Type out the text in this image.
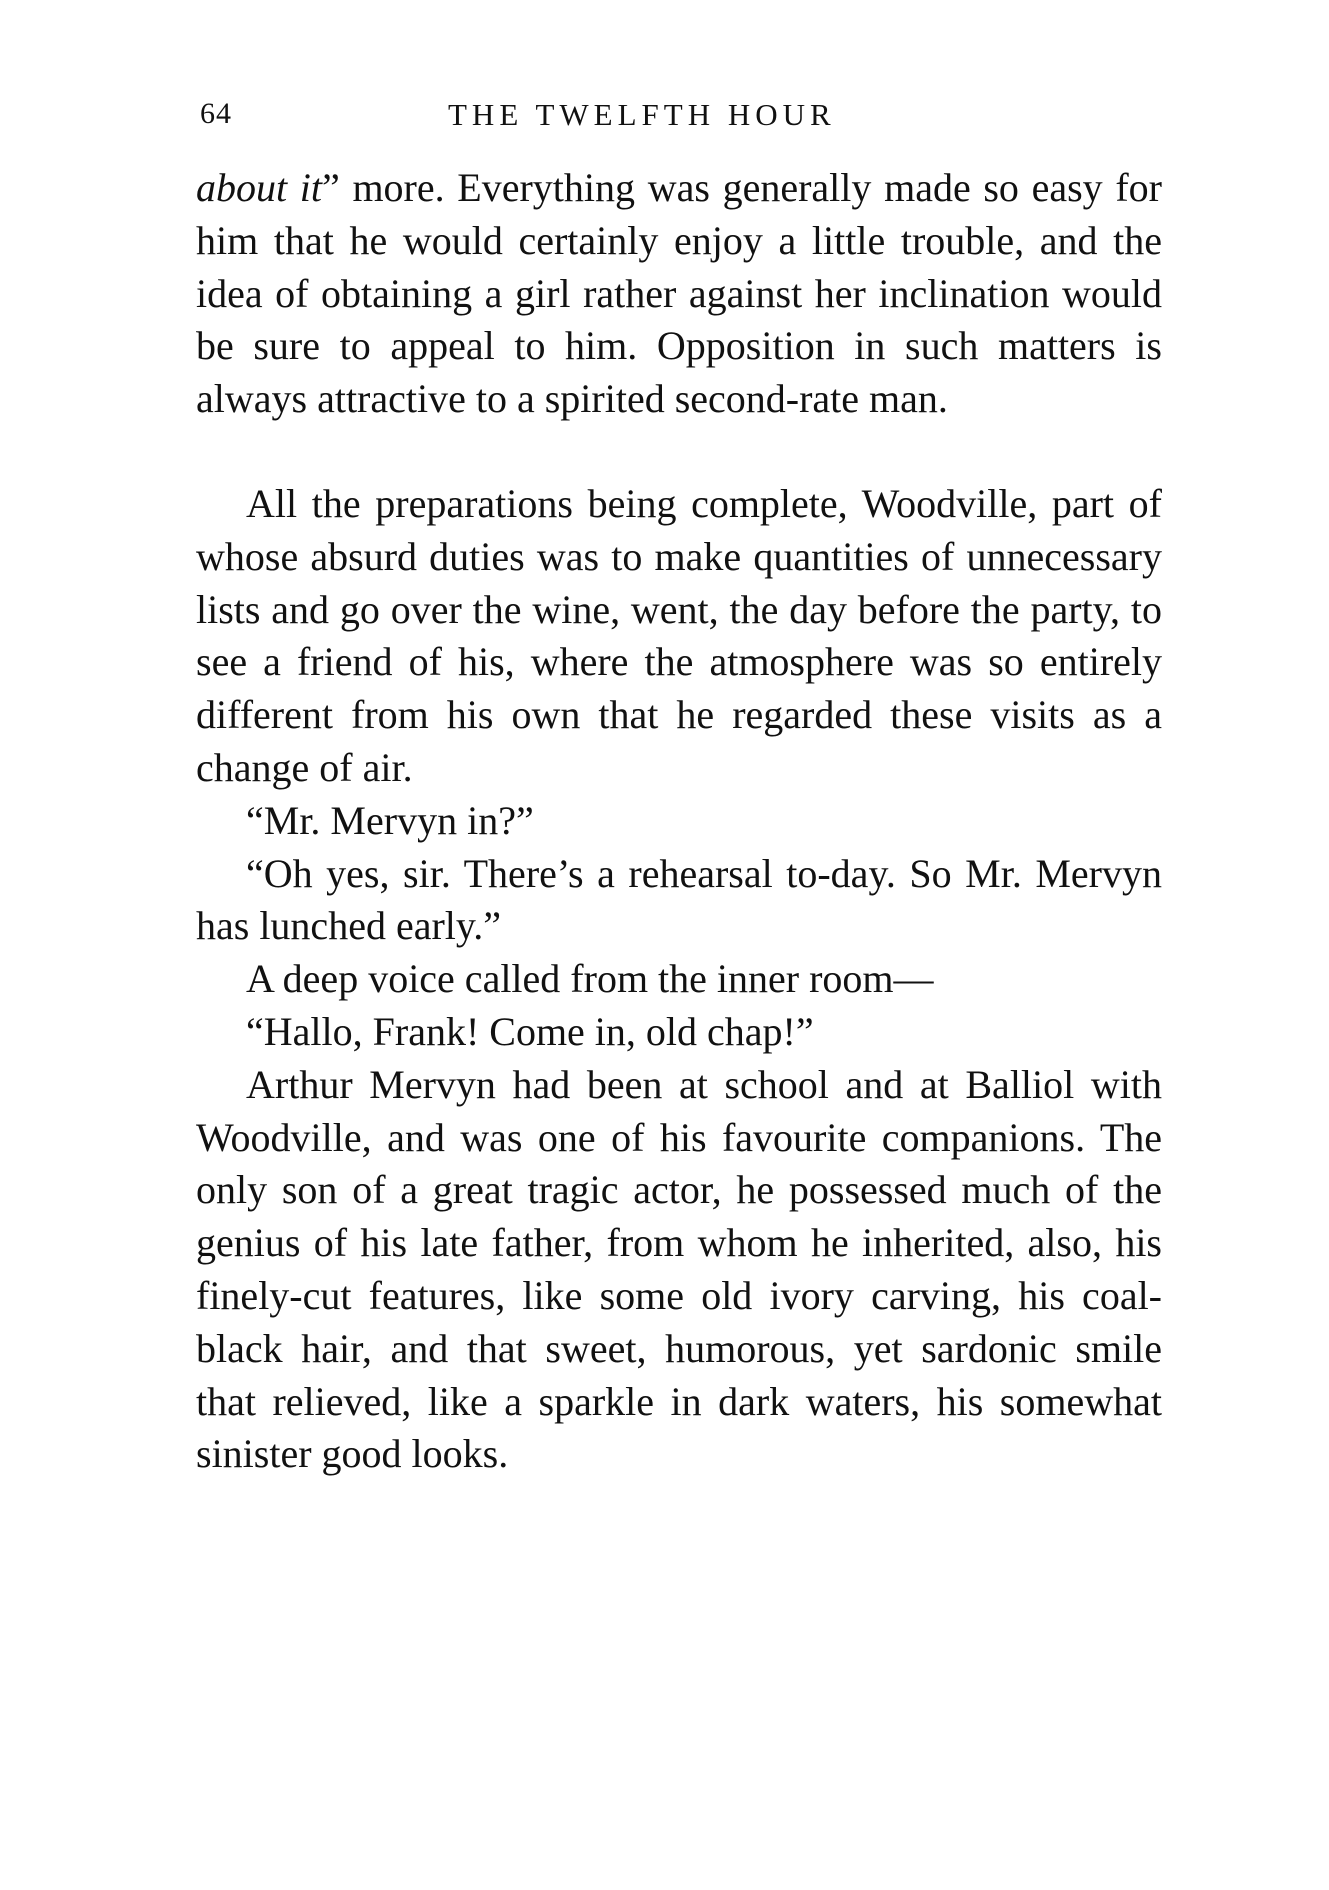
64	THE TWELFTH HOUR

about it” more. Everything was generally made so easy for him that he would certainly enjoy a little trouble, and the idea of obtaining a girl rather against her inclination would be sure to appeal to him. Opposition in such matters is always attractive to a spirited second-rate man.

All the preparations being complete, Woodville, part of whose absurd duties was to make quantities of unnecessary lists and go over the wine, went, the day before the party, to see a friend of his, where the atmosphere was so entirely different from his own that he regarded these visits as a change of air.

“Mr. Mervyn in?”

“Oh yes, sir. There’s a rehearsal to-day. So Mr. Mervyn has lunched early.”

A deep voice called from the inner room—

“Hallo, Frank! Come in, old chap!”

Arthur Mervyn had been at school and at Balliol with Woodville, and was one of his favourite companions. The only son of a great tragic actor, he possessed much of the genius of his late father, from whom he inherited, also, his finely-cut features, like some old ivory carving, his coal-black hair, and that sweet, humorous, yet sardonic smile that relieved, like a sparkle in dark waters, his somewhat sinister good looks.
